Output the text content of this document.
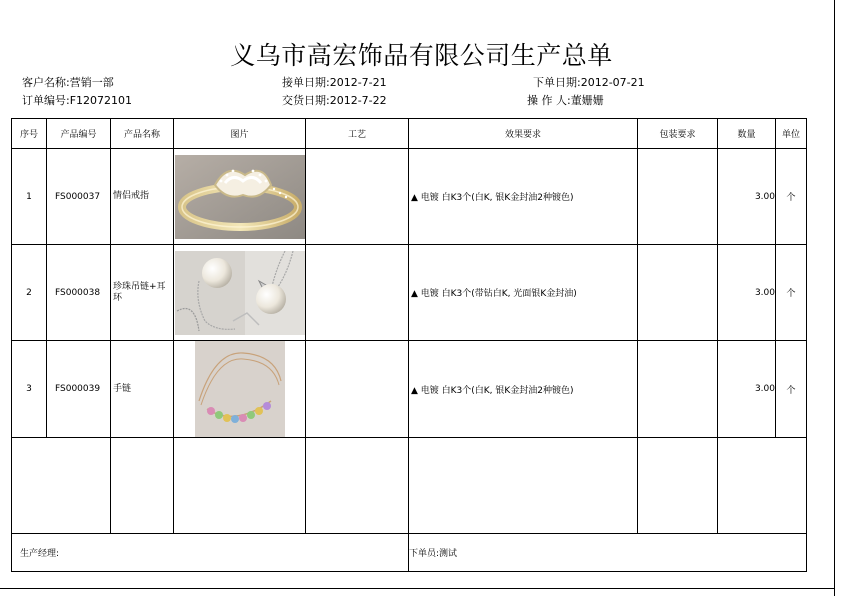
义乌市高宏饰品有限公司生产总单
客户名称:营销一部
订单编号:F12072101
接单日期:2012-7-21
交货日期:2012-7-22
下单日期:2012-07-21
操 作 人:董姗姗
序号	产品编号	产品名称	图片	工艺	效果要求	包装要求	数量	单位
1	FS000037	情侣戒指			▲ 电镀 白K3个(白K, 银K金封油2种镀色)		3.00	个
2	FS000038	珍珠吊链+耳环			▲ 电镀 白K3个(带钻白K, 光面银K金封油)		3.00	个
3	FS000039	手链			▲ 电镀 白K3个(白K, 银K金封油2种镀色)		3.00	个

生产经理:					下单员:测试			
